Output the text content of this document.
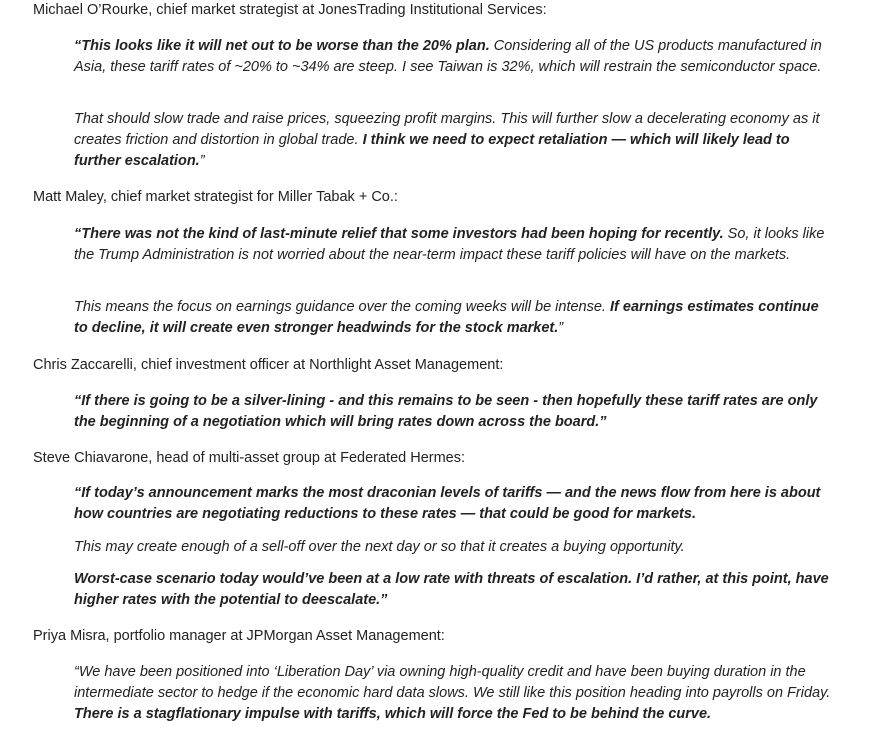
Michael O’Rourke, chief market strategist at JonesTrading Institutional Services:
“This looks like it will net out to be worse than the 20% plan. Considering all of the US products manufactured in Asia, these tariff rates of ~20% to ~34% are steep. I see Taiwan is 32%, which will restrain the semiconductor space.
That should slow trade and raise prices, squeezing profit margins. This will further slow a decelerating economy as it creates friction and distortion in global trade. I think we need to expect retaliation — which will likely lead to further escalation.”
Matt Maley, chief market strategist for Miller Tabak + Co.:
“There was not the kind of last-minute relief that some investors had been hoping for recently. So, it looks like the Trump Administration is not worried about the near-term impact these tariff policies will have on the markets.
This means the focus on earnings guidance over the coming weeks will be intense. If earnings estimates continue to decline, it will create even stronger headwinds for the stock market.”
Chris Zaccarelli, chief investment officer at Northlight Asset Management:
“If there is going to be a silver-lining - and this remains to be seen - then hopefully these tariff rates are only the beginning of a negotiation which will bring rates down across the board.”
Steve Chiavarone, head of multi-asset group at Federated Hermes:
“If today’s announcement marks the most draconian levels of tariffs — and the news flow from here is about how countries are negotiating reductions to these rates — that could be good for markets.
This may create enough of a sell-off over the next day or so that it creates a buying opportunity.
Worst-case scenario today would’ve been at a low rate with threats of escalation. I’d rather, at this point, have higher rates with the potential to deescalate.”
Priya Misra, portfolio manager at JPMorgan Asset Management:
“We have been positioned into ‘Liberation Day’ via owning high-quality credit and have been buying duration in the intermediate sector to hedge if the economic hard data slows. We still like this position heading into payrolls on Friday. There is a stagflationary impulse with tariffs, which will force the Fed to be behind the curve.
